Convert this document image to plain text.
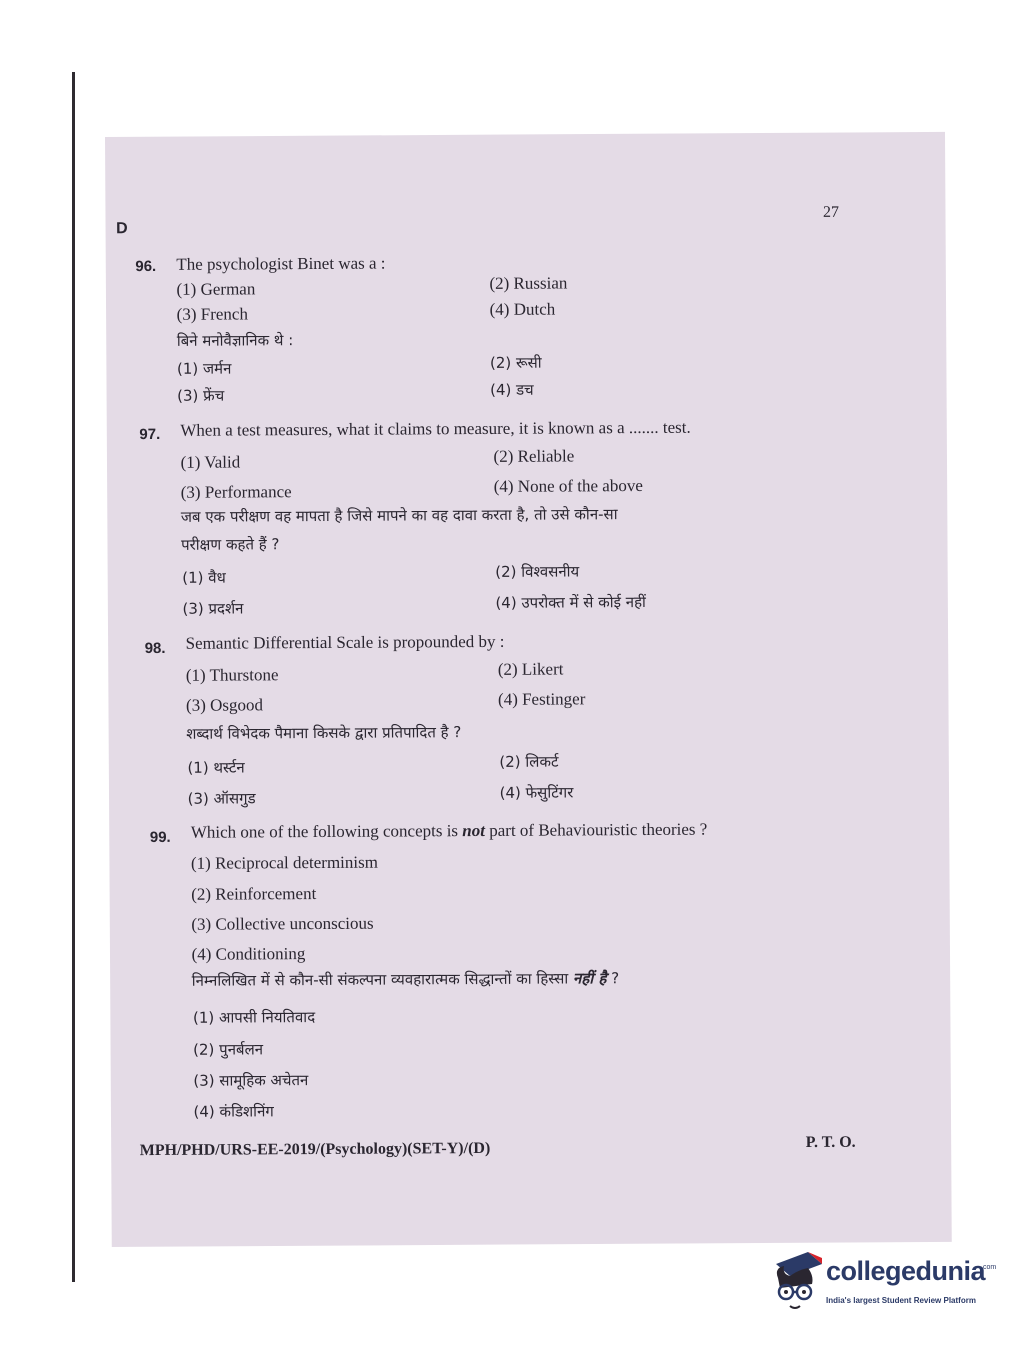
D
27
96. The psychologist Binet was a :
(1) German	(2) Russian
(3) French	(4) Dutch
बिने मनोवैज्ञानिक थे :
(1) जर्मन	(2) रूसी
(3) फ्रेंच	(4) डच
97. When a test measures, what it claims to measure, it is known as a ....... test.
(1) Valid	(2) Reliable
(3) Performance	(4) None of the above
जब एक परीक्षण वह मापता है जिसे मापने का वह दावा करता है, तो उसे कौन-सा
परीक्षण कहते हैं ?
(1) वैध	(2) विश्वसनीय
(3) प्रदर्शन	(4) उपरोक्त में से कोई नहीं
98. Semantic Differential Scale is propounded by :
(1) Thurstone	(2) Likert
(3) Osgood	(4) Festinger
शब्दार्थ विभेदक पैमाना किसके द्वारा प्रतिपादित है ?
(1) थर्स्टन	(2) लिकर्ट
(3) ऑसगुड	(4) फेसुटिंगर
99. Which one of the following concepts is not part of Behaviouristic theories ?
(1) Reciprocal determinism
(2) Reinforcement
(3) Collective unconscious
(4) Conditioning
निम्नलिखित में से कौन-सी संकल्पना व्यवहारात्मक सिद्धान्तों का हिस्सा नहीं है ?
(1) आपसी नियतिवाद
(2) पुनर्बलन
(3) सामूहिक अचेतन
(4) कंडिशनिंग
MPH/PHD/URS-EE-2019/(Psychology)(SET-Y)/(D)	P. T. O.
collegedunia
.com
India's largest Student Review Platform
